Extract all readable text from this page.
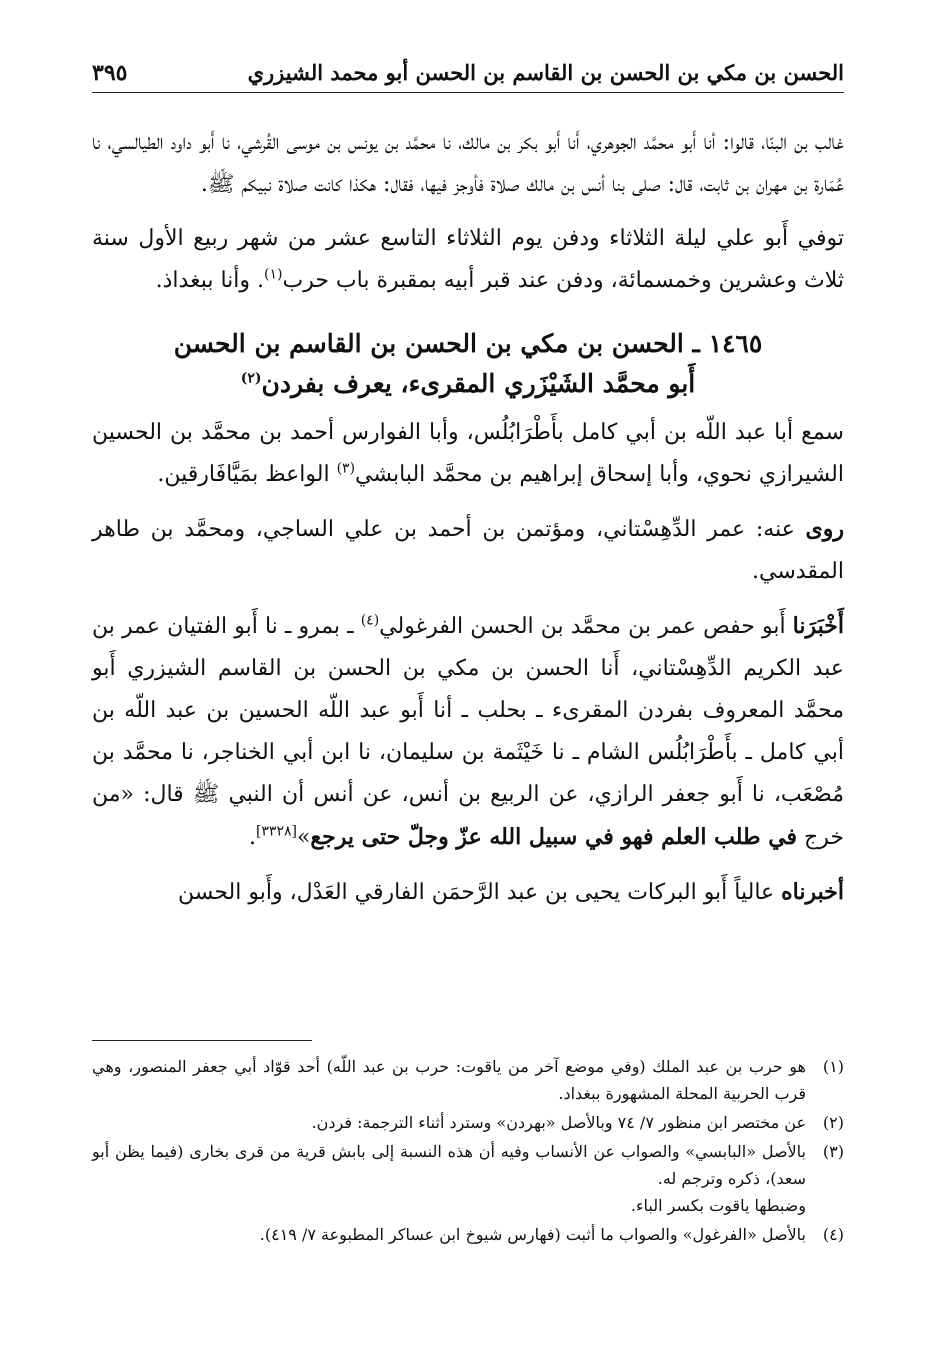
الحسن بن مكي بن الحسن بن القاسم بن الحسن أبو محمد الشيزري
٣٩٥

غالب بن البنّا، قالوا: أنا أَبو محمَّد الجوهري، أَنا أَبو بكر بن مالك، نا محمَّد بن يونس بن موسى القُرشي، نا أَبو داود الطيالسي، نا عُمَارة بن مهران بن ثابت، قال: صلى بنا أنس بن مالك صلاة فأوجز فيها، فقال: هكذا كانت صلاة نبيكم ﷺ.

توفي أَبو علي ليلة الثلاثاء ودفن يوم الثلاثاء التاسع عشر من شهر ربيع الأول سنة ثلاث وعشرين وخمسمائة، ودفن عند قبر أبيه بمقبرة باب حرب$^{(١)}$. وأنا ببغداذ.

١٤٦٥ ـ الحسن بن مكي بن الحسن بن القاسم بن الحسن
أَبو محمَّد الشَيْزَري المقرىء، يعرف بفردن$^{(٢)}$

سمع أبا عبد اللّه بن أبي كامل بأَطْرَابُلُس، وأبا الفوارس أحمد بن محمَّد بن الحسين الشيرازي نحوي، وأبا إسحاق إبراهيم بن محمَّد البابشي$^{(٣)}$ الواعظ بمَيَّافَارقين.

روى عنه: عمر الدِّهِسْتاني، ومؤتمن بن أحمد بن علي الساجي، ومحمَّد بن طاهر المقدسي.

أَخْبَرَنا أَبو حفص عمر بن محمَّد بن الحسن الفرغولي$^{(٤)}$ ـ بمرو ـ نا أَبو الفتيان عمر بن عبد الكريم الدِّهِسْتاني، أَنا الحسن بن مكي بن الحسن بن القاسم الشيزري أَبو محمَّد المعروف بفردن المقرىء ـ بحلب ـ أنا أَبو عبد اللّه الحسين بن عبد اللّه بن أبي كامل ـ بأَطْرَابُلُس الشام ـ نا خَيْثَمة بن سليمان، نا ابن أبي الخناجر، نا محمَّد بن مُصْعَب، نا أَبو جعفر الرازي، عن الربيع بن أنس، عن أنس أن النبي ﷺ قال: «من خرج في طلب العلم فهو في سبيل الله عزّ وجلّ حتى يرجع»[٣٣٢٨].

أخبرناه عالياً أَبو البركات يحيى بن عبد الرَّحمَن الفارقي العَدْل، وأَبو الحسن

(١)
هو حرب بن عبد الملك (وفي موضع آخر من ياقوت: حرب بن عبد اللّه) أحد قوّاد أبي جعفر المنصور، وهي قرب الحربية المحلة المشهورة ببغداد.
(٢)
عن مختصر ابن منظور ٧/ ٧٤ وبالأصل «بهردن» وسترد أثناء الترجمة: فردن.
(٣)
بالأصل «البابسي» والصواب عن الأنساب وفيه أن هذه النسبة إلى بابش قرية من قرى بخارى (فيما يظن أبو سعد)، ذكره وترجم له.
وضبطها ياقوت بكسر الباء.
(٤)
بالأصل «الفرغول» والصواب ما أثبت (فهارس شيوخ ابن عساكر المطبوعة ٧/ ٤١٩).
